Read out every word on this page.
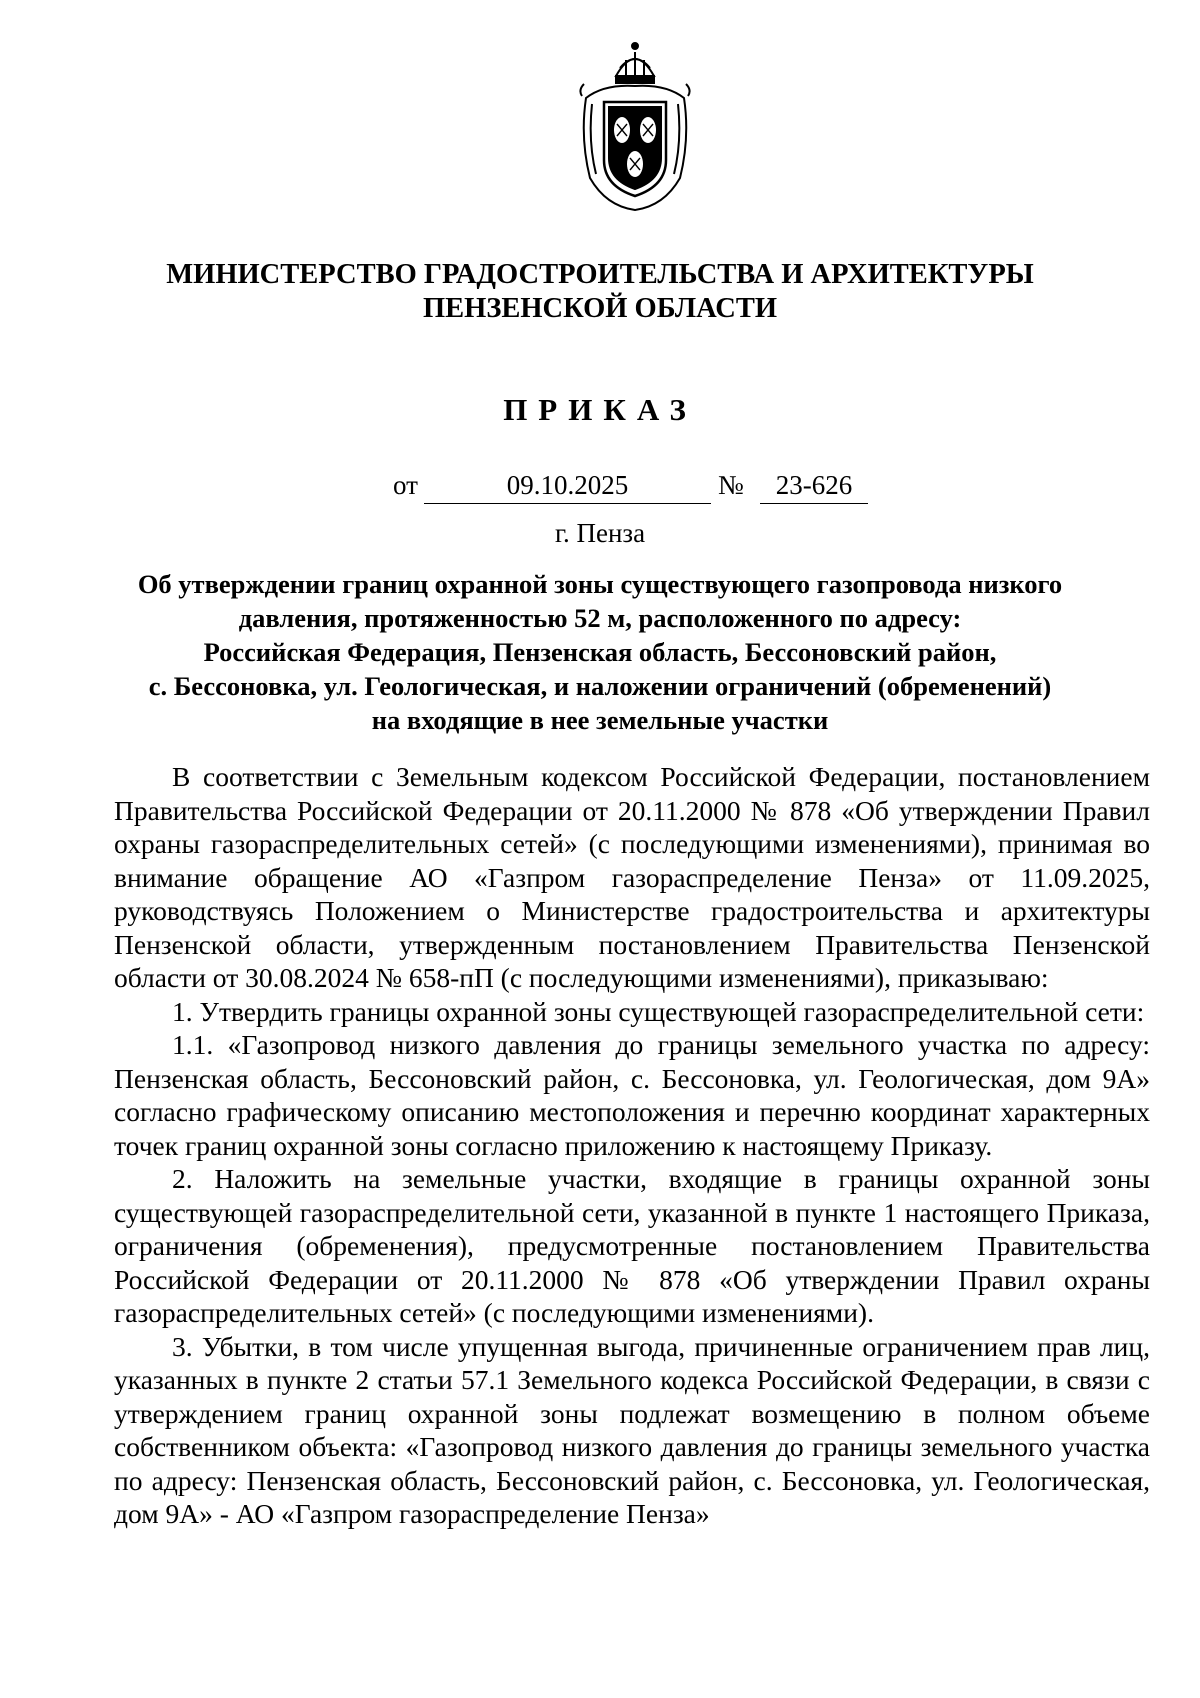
МИНИСТЕРСТВО ГРАДОСТРОИТЕЛЬСТВА И АРХИТЕКТУРЫ
ПЕНЗЕНСКОЙ ОБЛАСТИ
ПРИКАЗ
от	09.10.2025	№	23-626
г. Пенза
Об утверждении границ охранной зоны существующего газопровода низкого
давления, протяженностью 52 м, расположенного по адресу:
Российская Федерация, Пензенская область, Бессоновский район,
с. Бессоновка, ул. Геологическая, и наложении ограничений (обременений)
на входящие в нее земельные участки

В соответствии с Земельным кодексом Российской Федерации, постановлением Правительства Российской Федерации от 20.11.2000 № 878 «Об утверждении Правил охраны газораспределительных сетей» (с последующими изменениями), принимая во внимание обращение АО «Газпром газораспределение Пенза» от 11.09.2025, руководствуясь Положением о Министерстве градостроительства и архитектуры Пензенской области, утвержденным постановлением Правительства Пензенской области от 30.08.2024 № 658-пП (с последующими изменениями), приказываю:

1. Утвердить границы охранной зоны существующей газораспределительной сети:

1.1. «Газопровод низкого давления до границы земельного участка по адресу: Пензенская область, Бессоновский район, с. Бессоновка, ул. Геологическая, дом 9А» согласно графическому описанию местоположения и перечню координат характерных точек границ охранной зоны согласно приложению к настоящему Приказу.

2. Наложить на земельные участки, входящие в границы охранной зоны существующей газораспределительной сети, указанной в пункте 1 настоящего Приказа, ограничения (обременения), предусмотренные постановлением Правительства Российской Федерации от 20.11.2000 № 878 «Об утверждении Правил охраны газораспределительных сетей» (с последующими изменениями).

3. Убытки, в том числе упущенная выгода, причиненные ограничением прав лиц, указанных в пункте 2 статьи 57.1 Земельного кодекса Российской Федерации, в связи с утверждением границ охранной зоны подлежат возмещению в полном объеме собственником объекта: «Газопровод низкого давления до границы земельного участка по адресу: Пензенская область, Бессоновский район, с. Бессоновка, ул. Геологическая, дом 9А» - АО «Газпром газораспределение Пенза»
